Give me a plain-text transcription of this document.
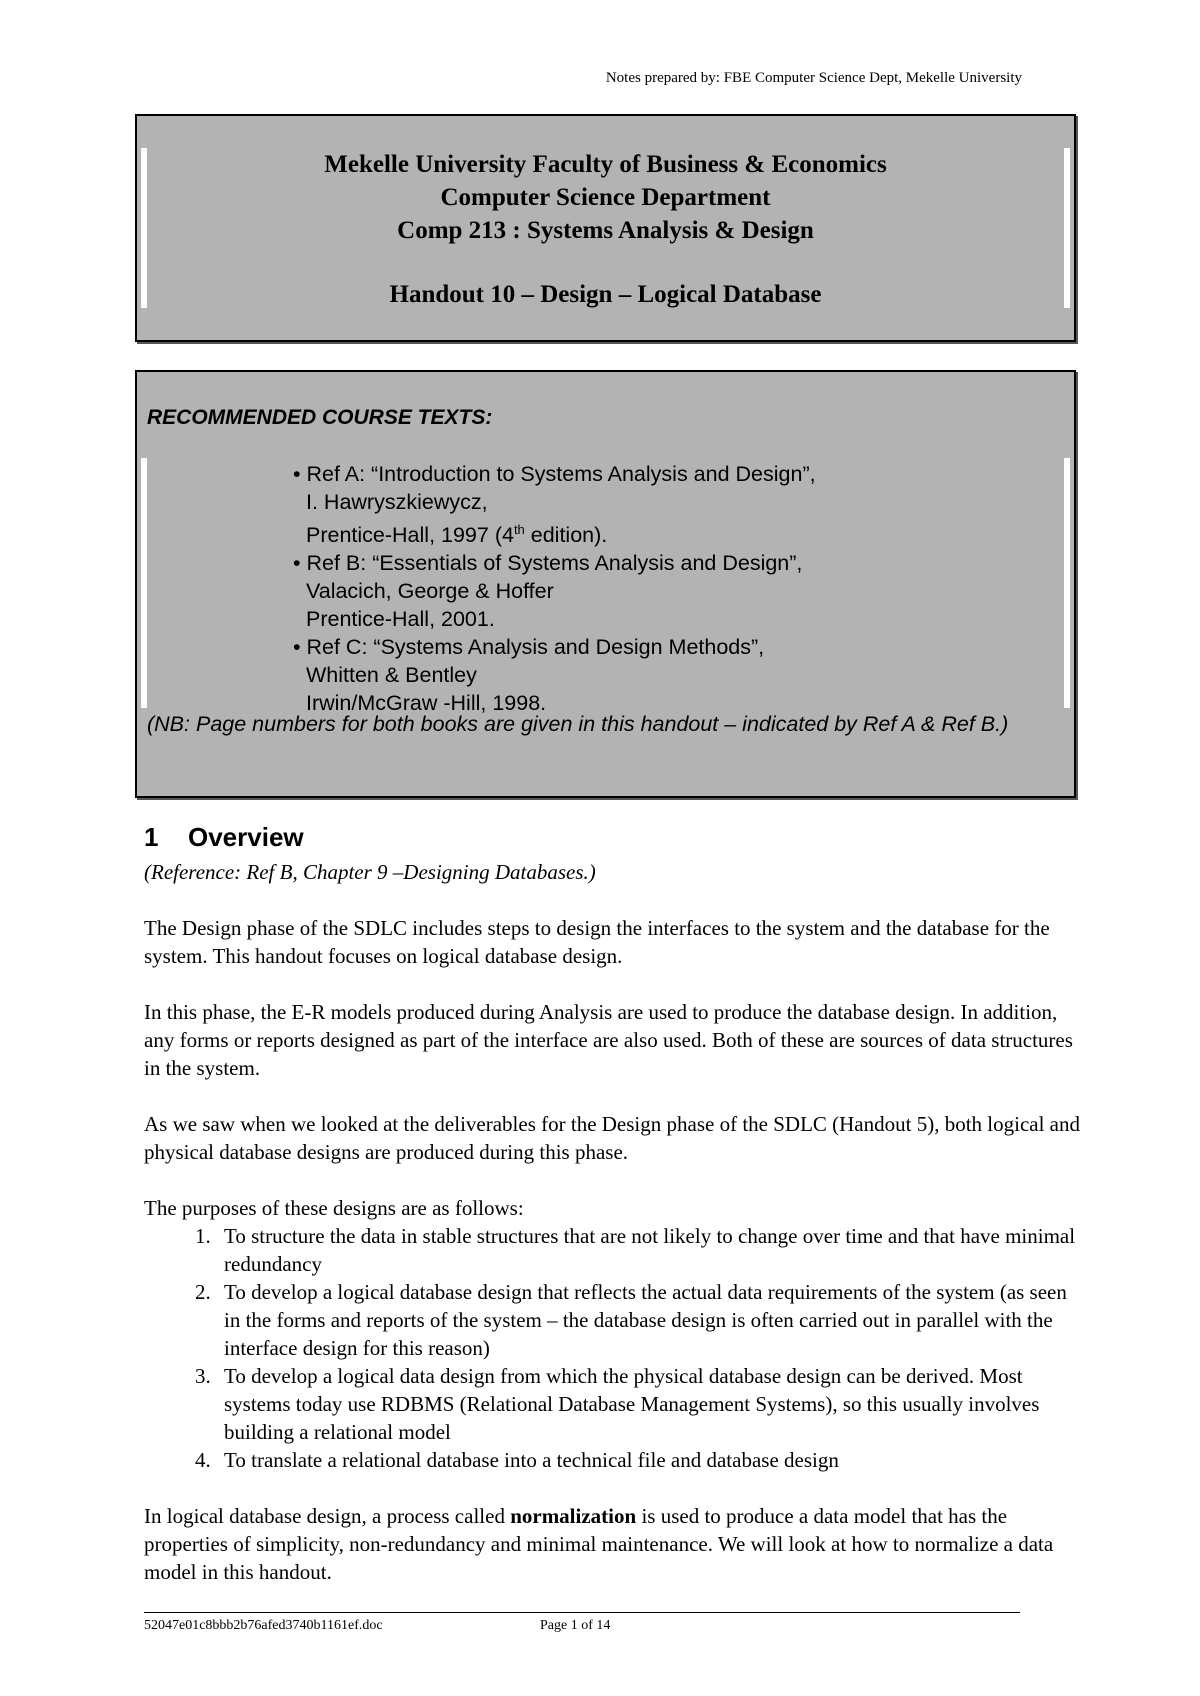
Notes prepared by: FBE Computer Science Dept, Mekelle University
Mekelle University Faculty of Business & Economics
Computer Science Department
Comp 213 : Systems Analysis & Design
Handout 10 – Design – Logical Database
RECOMMENDED COURSE TEXTS:
• Ref A: “Introduction to Systems Analysis and Design”,
I. Hawryszkiewycz,
Prentice-Hall, 1997 (4th edition).
• Ref B: “Essentials of Systems Analysis and Design”,
Valacich, George & Hoffer
Prentice-Hall, 2001.
• Ref C: “Systems Analysis and Design Methods”,
Whitten & Bentley
Irwin/McGraw -Hill, 1998.
(NB: Page numbers for both books are given in this handout – indicated by Ref A & Ref B.)
1 Overview

(Reference: Ref B, Chapter 9 –Designing Databases.)

The Design phase of the SDLC includes steps to design the interfaces to the system and the database for the system. This handout focuses on logical database design.

In this phase, the E-R models produced during Analysis are used to produce the database design. In addition, any forms or reports designed as part of the interface are also used. Both of these are sources of data structures in the system.

As we saw when we looked at the deliverables for the Design phase of the SDLC (Handout 5), both logical and physical database designs are produced during this phase.

The purposes of these designs are as follows:

1. To structure the data in stable structures that are not likely to change over time and that have minimal redundancy
2. To develop a logical database design that reflects the actual data requirements of the system (as seen in the forms and reports of the system – the database design is often carried out in parallel with the interface design for this reason)
3. To develop a logical data design from which the physical database design can be derived. Most systems today use RDBMS (Relational Database Management Systems), so this usually involves building a relational model
4. To translate a relational database into a technical file and database design

In logical database design, a process called normalization is used to produce a data model that has the properties of simplicity, non-redundancy and minimal maintenance. We will look at how to normalize a data model in this handout.

52047e01c8bbb2b76afed3740b1161ef.doc	Page 1 of 14
